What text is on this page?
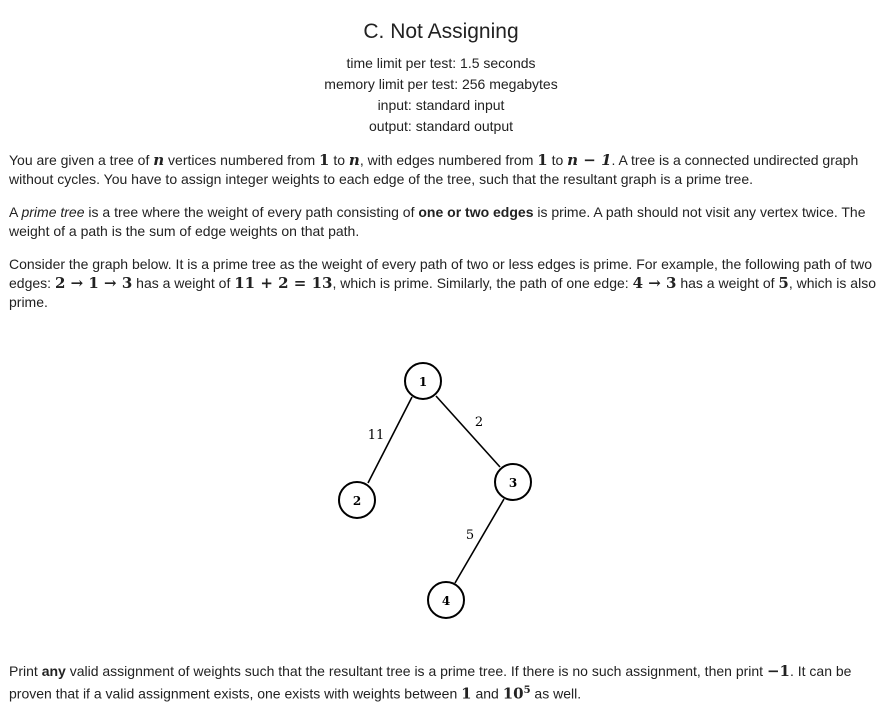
C. Not Assigning
time limit per test: 1.5 seconds
memory limit per test: 256 megabytes
input: standard input
output: standard output
You are given a tree of n vertices numbered from 1 to n, with edges numbered from 1 to n − 1. A tree is a connected undirected graph
without cycles. You have to assign integer weights to each edge of the tree, such that the resultant graph is a prime tree.
A prime tree is a tree where the weight of every path consisting of one or two edges is prime. A path should not visit any vertex twice. The
weight of a path is the sum of edge weights on that path.
Consider the graph below. It is a prime tree as the weight of every path of two or less edges is prime. For example, the following path of two
edges: 2 → 1 → 3 has a weight of 11 + 2 = 13, which is prime. Similarly, the path of one edge: 4 → 3 has a weight of 5, which is also
prime.
1
2
3
4
11
2
5
Print any valid assignment of weights such that the resultant tree is a prime tree. If there is no such assignment, then print −1. It can be
proven that if a valid assignment exists, one exists with weights between 1 and $10^5$ as well.
